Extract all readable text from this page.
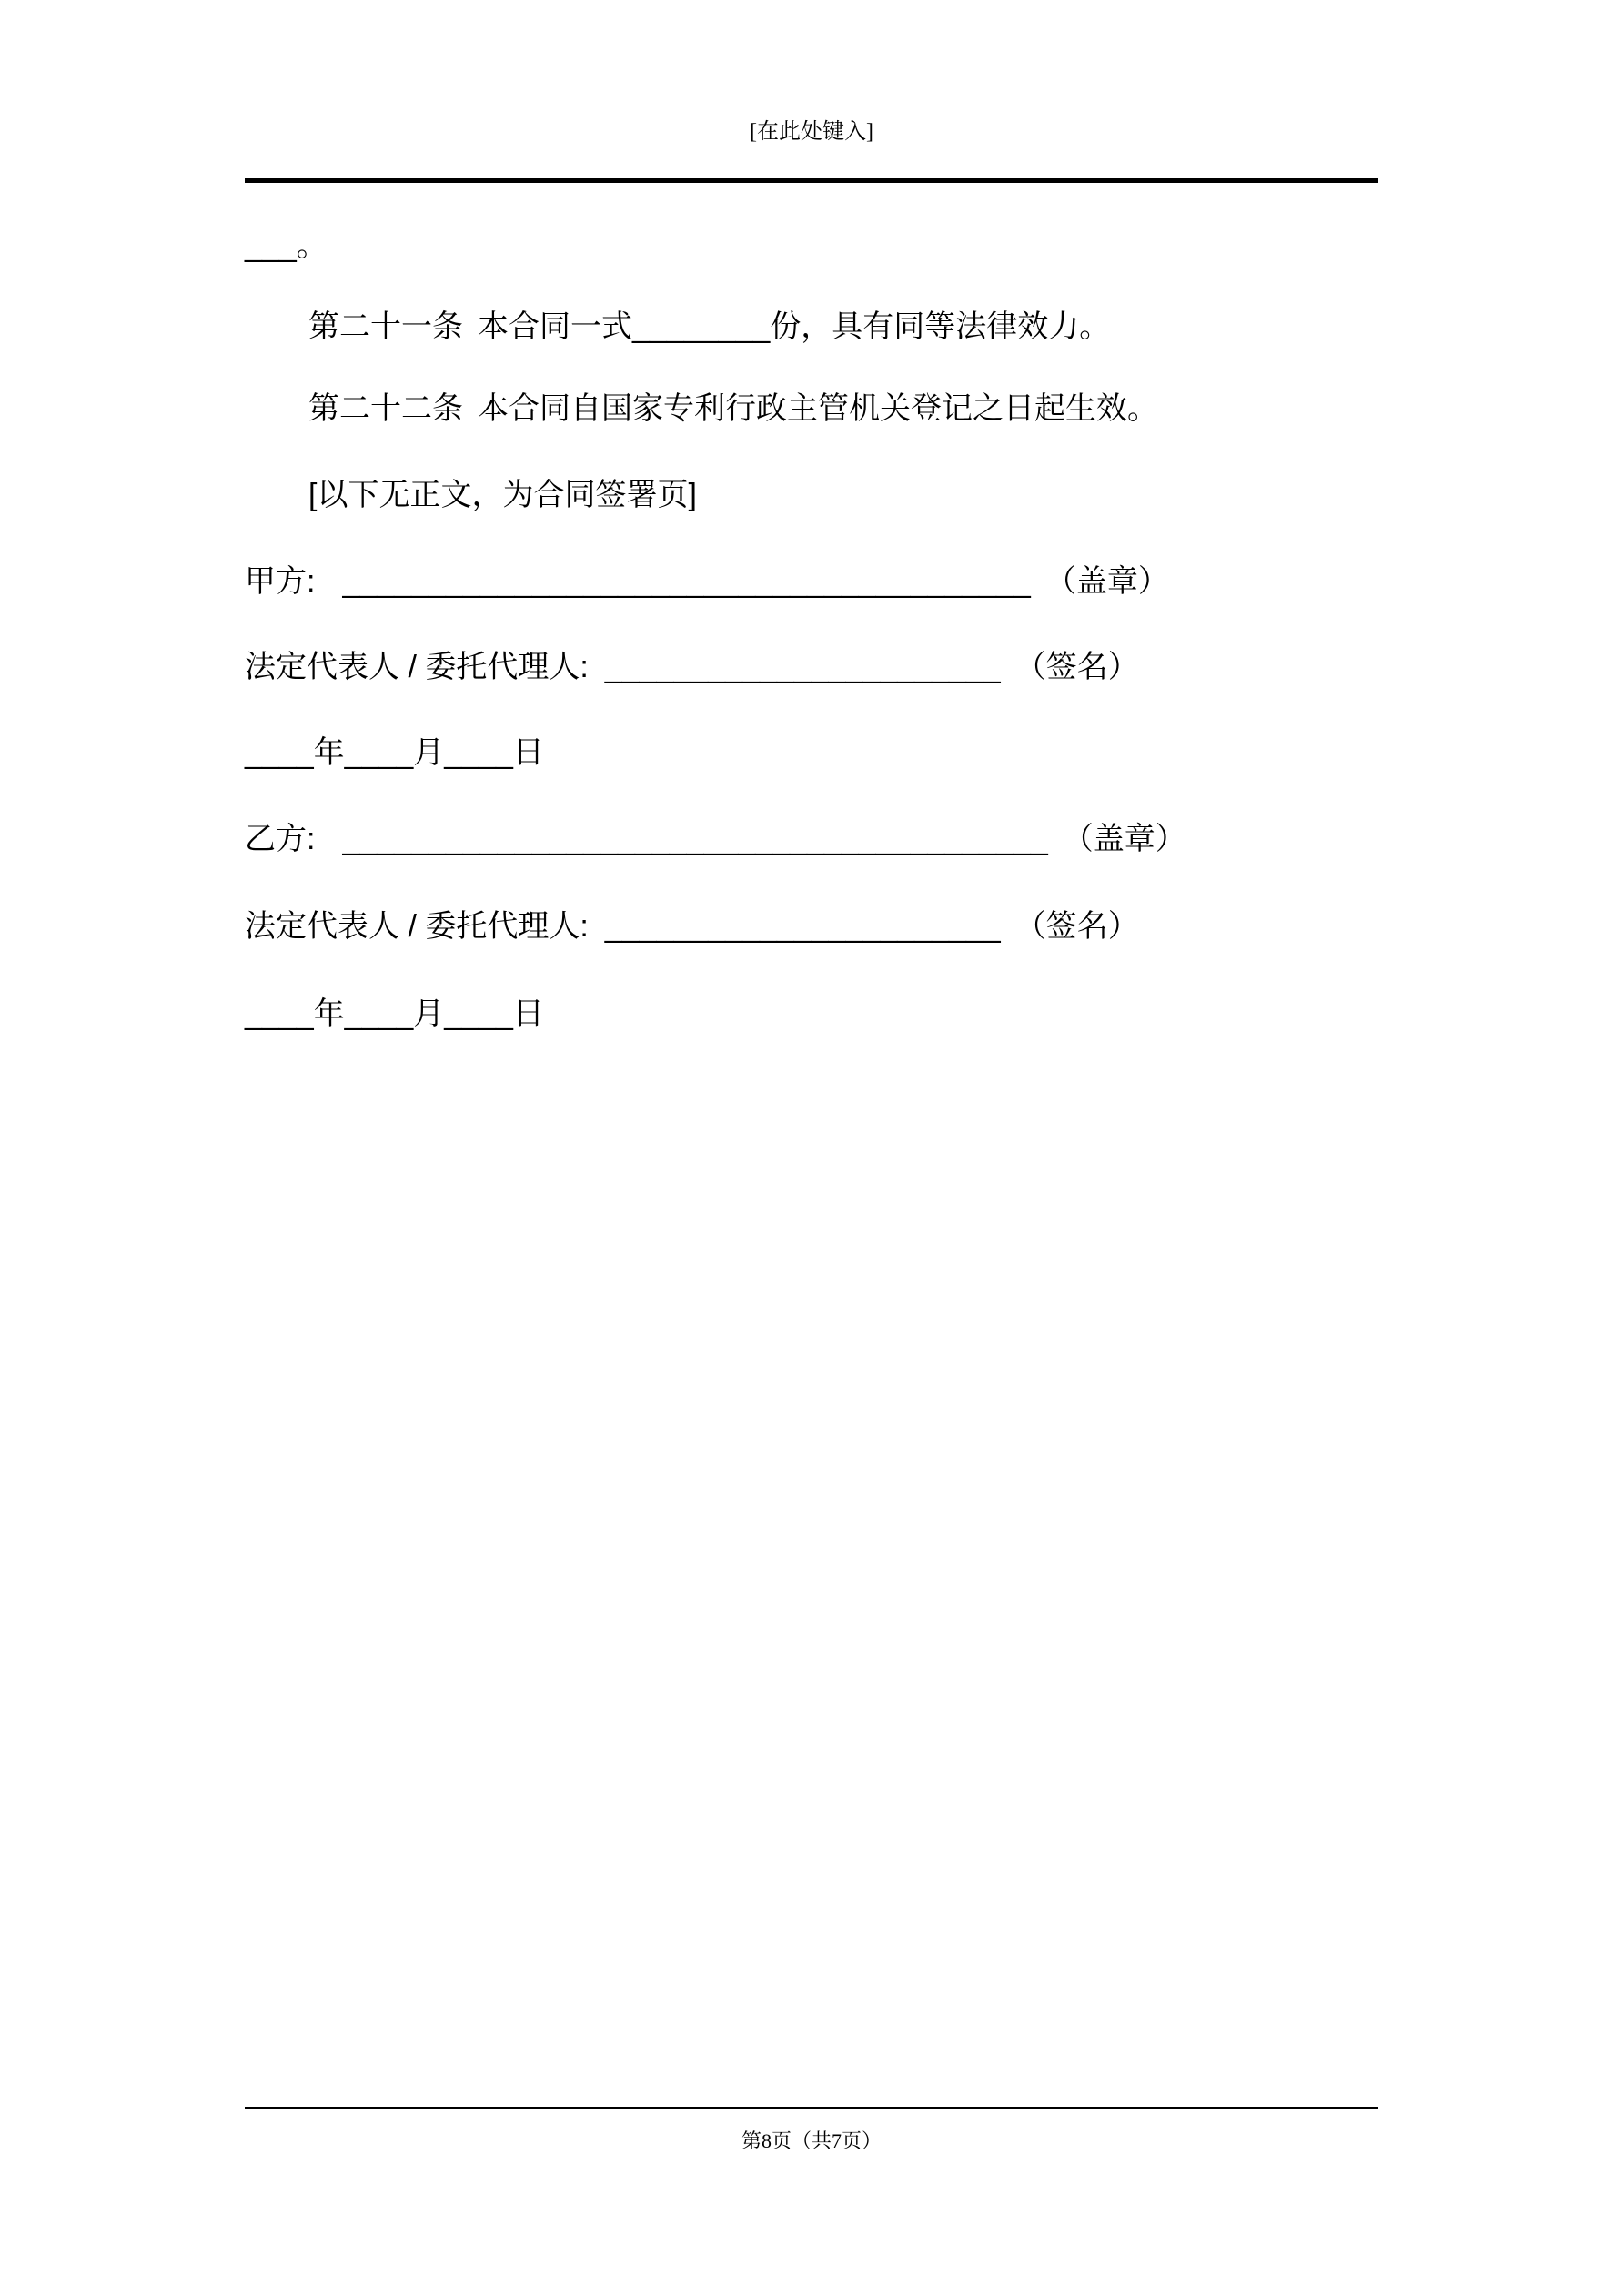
[在此处键入]
___。
第二十一条 本合同一式________份，具有同等法律效力。
第二十二条 本合同自国家专利行政主管机关登记之日起生效。
[以下无正文，为合同签署页]
甲方: ________________________________________ （盖章）
法定代表人 / 委托代理人: _______________________ （签名）
____年____月____日
乙方: _________________________________________ （盖章）
法定代表人 / 委托代理人: _______________________ （签名）
____年____月____日
第8页（共7页）
